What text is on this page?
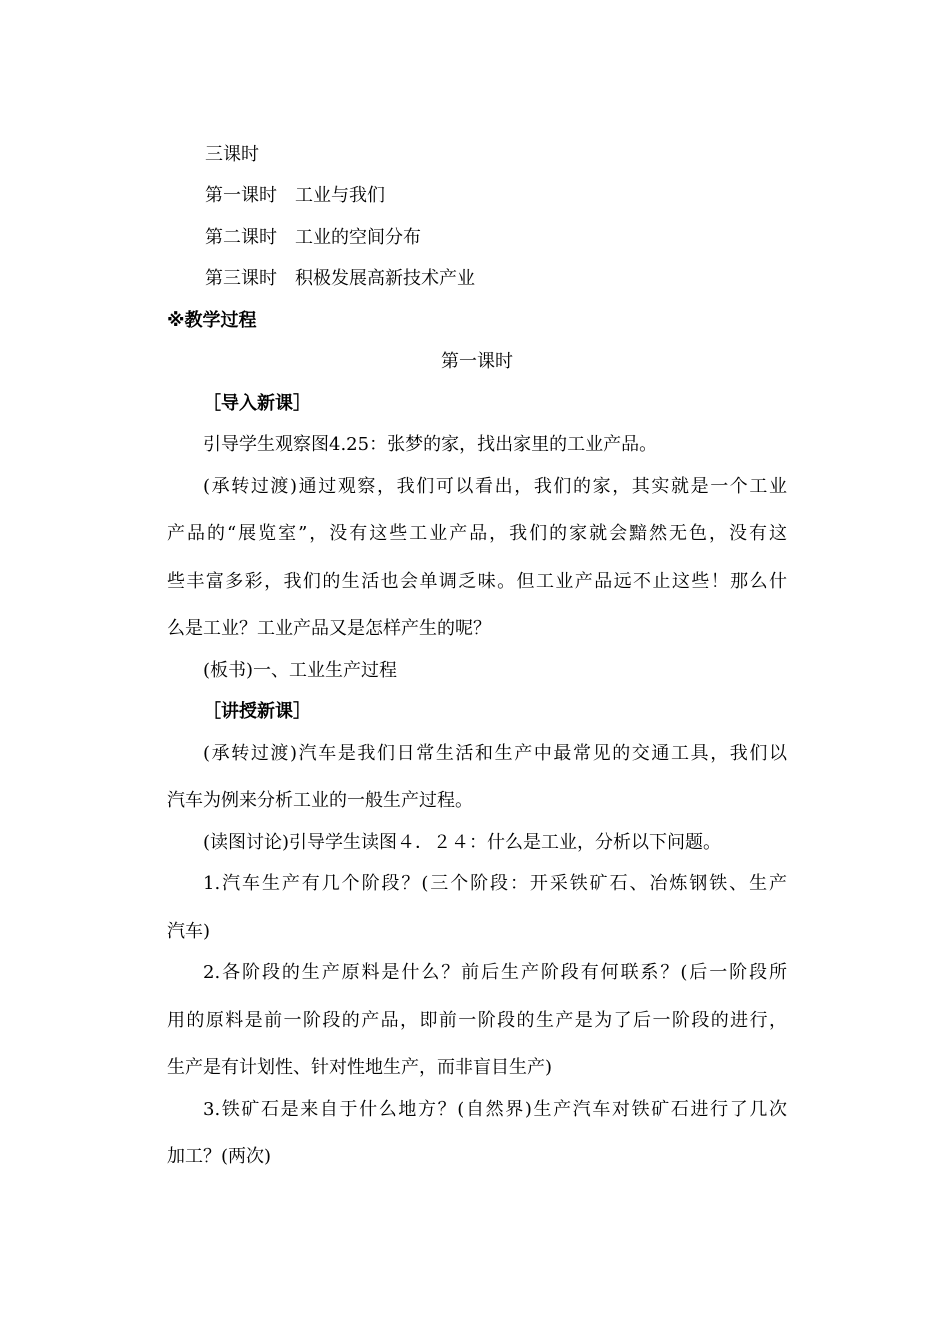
三课时
第一课时 工业与我们
第二课时 工业的空间分布
第三课时 积极发展高新技术产业
※教学过程
第一课时
［导入新课］
引导学生观察图4.25：张梦的家，找出家里的工业产品。
(承转过渡)通过观察，我们可以看出，我们的家，其实就是一个工业
产品的“展览室”，没有这些工业产品，我们的家就会黯然无色，没有这
些丰富多彩，我们的生活也会单调乏味。但工业产品远不止这些！那么什
么是工业？工业产品又是怎样产生的呢？
(板书)一、工业生产过程
［讲授新课］
(承转过渡)汽车是我们日常生活和生产中最常见的交通工具，我们以
汽车为例来分析工业的一般生产过程。
(读图讨论)引导学生读图４．２４：什么是工业，分析以下问题。
1.汽车生产有几个阶段？(三个阶段：开采铁矿石、冶炼钢铁、生产
汽车)
2.各阶段的生产原料是什么？前后生产阶段有何联系？(后一阶段所
用的原料是前一阶段的产品，即前一阶段的生产是为了后一阶段的进行，
生产是有计划性、针对性地生产，而非盲目生产)
3.铁矿石是来自于什么地方？(自然界)生产汽车对铁矿石进行了几次
加工？(两次)
